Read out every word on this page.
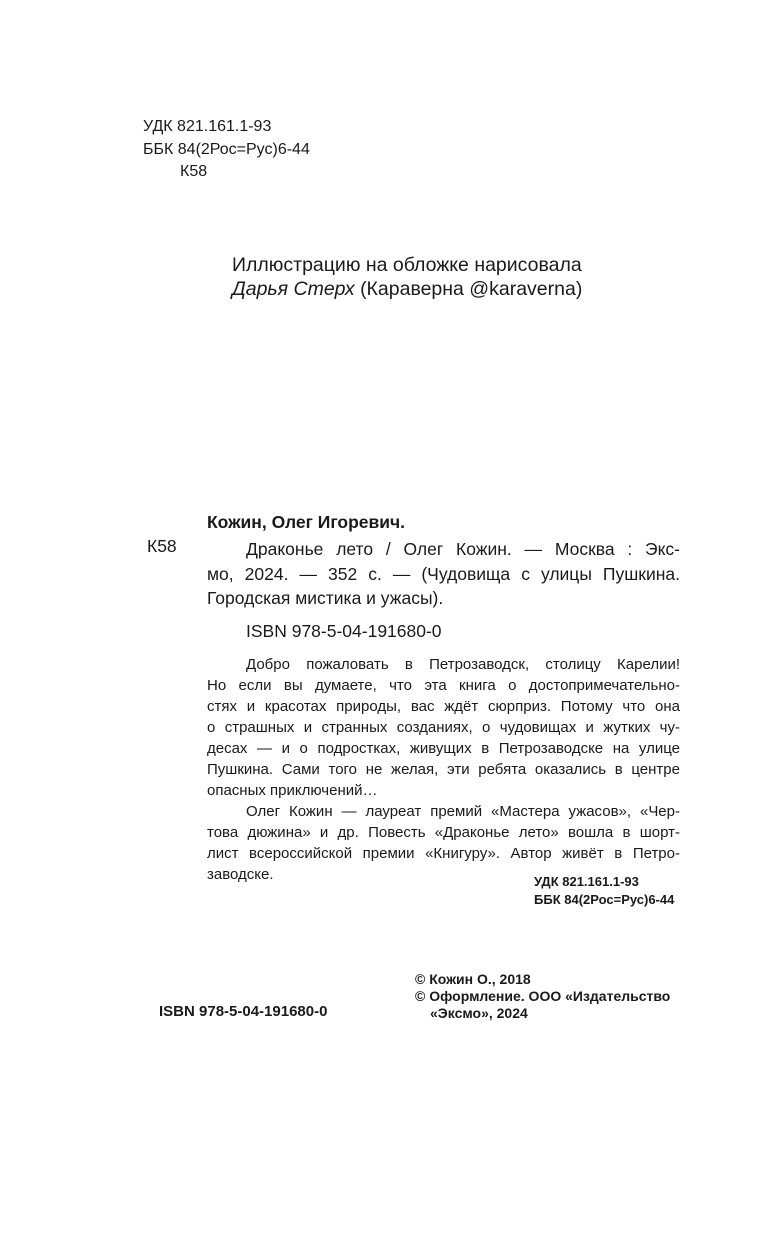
УДК 821.161.1-93
ББК 84(2Рос=Рус)6-44
К58
Иллюстрацию на обложке нарисовала
Дарья Стерх (Караверна @karaverna)
Кожин, Олег Игоревич.
К58	Драконье лето / Олег Кожин. — Москва : Экс-
мо, 2024. — 352 с. — (Чудовища с улицы Пушкина.
Городская мистика и ужасы).
ISBN 978-5-04-191680-0
Добро пожаловать в Петрозаводск, столицу Карелии!
Но если вы думаете, что эта книга о достопримечательно-
стях и красотах природы, вас ждёт сюрприз. Потому что она
о страшных и странных созданиях, о чудовищах и жутких чу-
десах — и о подростках, живущих в Петрозаводске на улице
Пушкина. Сами того не желая, эти ребята оказались в центре
опасных приключений…
Олег Кожин — лауреат премий «Мастера ужасов», «Чер-
това дюжина» и др. Повесть «Драконье лето» вошла в шорт-
лист всероссийской премии «Книгуру». Автор живёт в Петро-
заводске.	УДК 821.161.1-93
ББК 84(2Рос=Рус)6-44
© Кожин О., 2018
© Оформление. ООО «Издательство
«Эксмо», 2024
ISBN 978-5-04-191680-0
